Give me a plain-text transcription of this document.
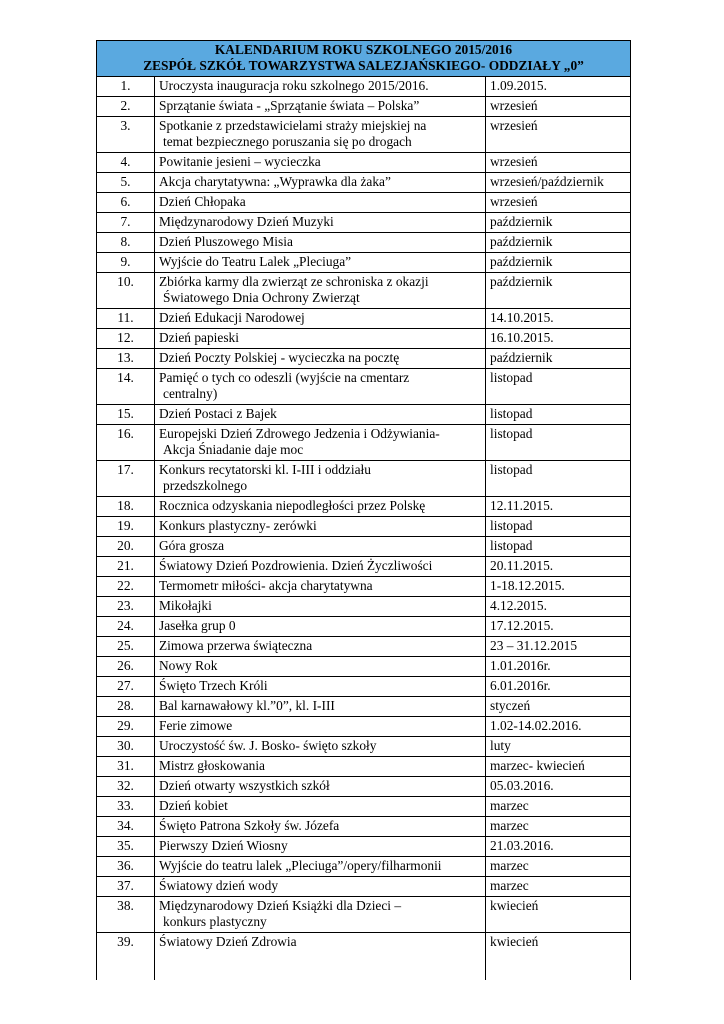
KALENDARIUM ROKU SZKOLNEGO 2015/2016
ZESPÓŁ SZKÓŁ TOWARZYSTWA SALEZJAŃSKIEGO- ODDZIAŁY „0”		

1.	Uroczysta inauguracja roku szkolnego 2015/2016.	1.09.2015.
2.	Sprzątanie świata - „Sprzątanie świata – Polska”	wrzesień
3.	Spotkanie z przedstawicielami straży miejskiej na
temat bezpiecznego poruszania się po drogach	wrzesień
4.	Powitanie jesieni – wycieczka	wrzesień
5.	Akcja charytatywna: „Wyprawka dla żaka”	wrzesień/październik
6.	Dzień Chłopaka	wrzesień
7.	Międzynarodowy Dzień Muzyki	październik
8.	Dzień Pluszowego Misia	październik
9.	Wyjście do Teatru Lalek „Pleciuga”	październik
10.	Zbiórka karmy dla zwierząt ze schroniska z okazji
Światowego Dnia Ochrony Zwierząt	październik
11.	Dzień Edukacji Narodowej	14.10.2015.
12.	Dzień papieski	16.10.2015.
13.	Dzień Poczty Polskiej - wycieczka na pocztę	październik
14.	Pamięć o tych co odeszli (wyjście na cmentarz
centralny)	listopad
15.	Dzień Postaci z Bajek	listopad
16.	Europejski Dzień Zdrowego Jedzenia i Odżywiania-
Akcja Śniadanie daje moc	listopad
17.	Konkurs recytatorski kl. I-III i oddziału
przedszkolnego	listopad
18.	Rocznica odzyskania niepodległości przez Polskę	12.11.2015.
19.	Konkurs plastyczny- zerówki	listopad
20.	Góra grosza	listopad
21.	Światowy Dzień Pozdrowienia. Dzień Życzliwości	20.11.2015.
22.	Termometr miłości- akcja charytatywna	1-18.12.2015.
23.	Mikołajki	4.12.2015.
24.	Jasełka grup 0	17.12.2015.
25.	Zimowa przerwa świąteczna	23 – 31.12.2015
26.	Nowy Rok	1.01.2016r.
27.	Święto Trzech Króli	6.01.2016r.
28.	Bal karnawałowy kl.”0”, kl. I-III	styczeń
29.	Ferie zimowe	1.02-14.02.2016.
30.	Uroczystość św. J. Bosko- święto szkoły	luty
31.	Mistrz głoskowania	marzec- kwiecień
32.	Dzień otwarty wszystkich szkół	05.03.2016.
33.	Dzień kobiet	marzec
34.	Święto Patrona Szkoły św. Józefa	marzec
35.	Pierwszy Dzień Wiosny	21.03.2016.
36.	Wyjście do teatru lalek „Pleciuga”/opery/filharmonii	marzec
37.	Światowy dzień wody	marzec
38.	Międzynarodowy Dzień Książki dla Dzieci –
konkurs plastyczny	kwiecień
39.	Światowy Dzień Zdrowia	kwiecień
